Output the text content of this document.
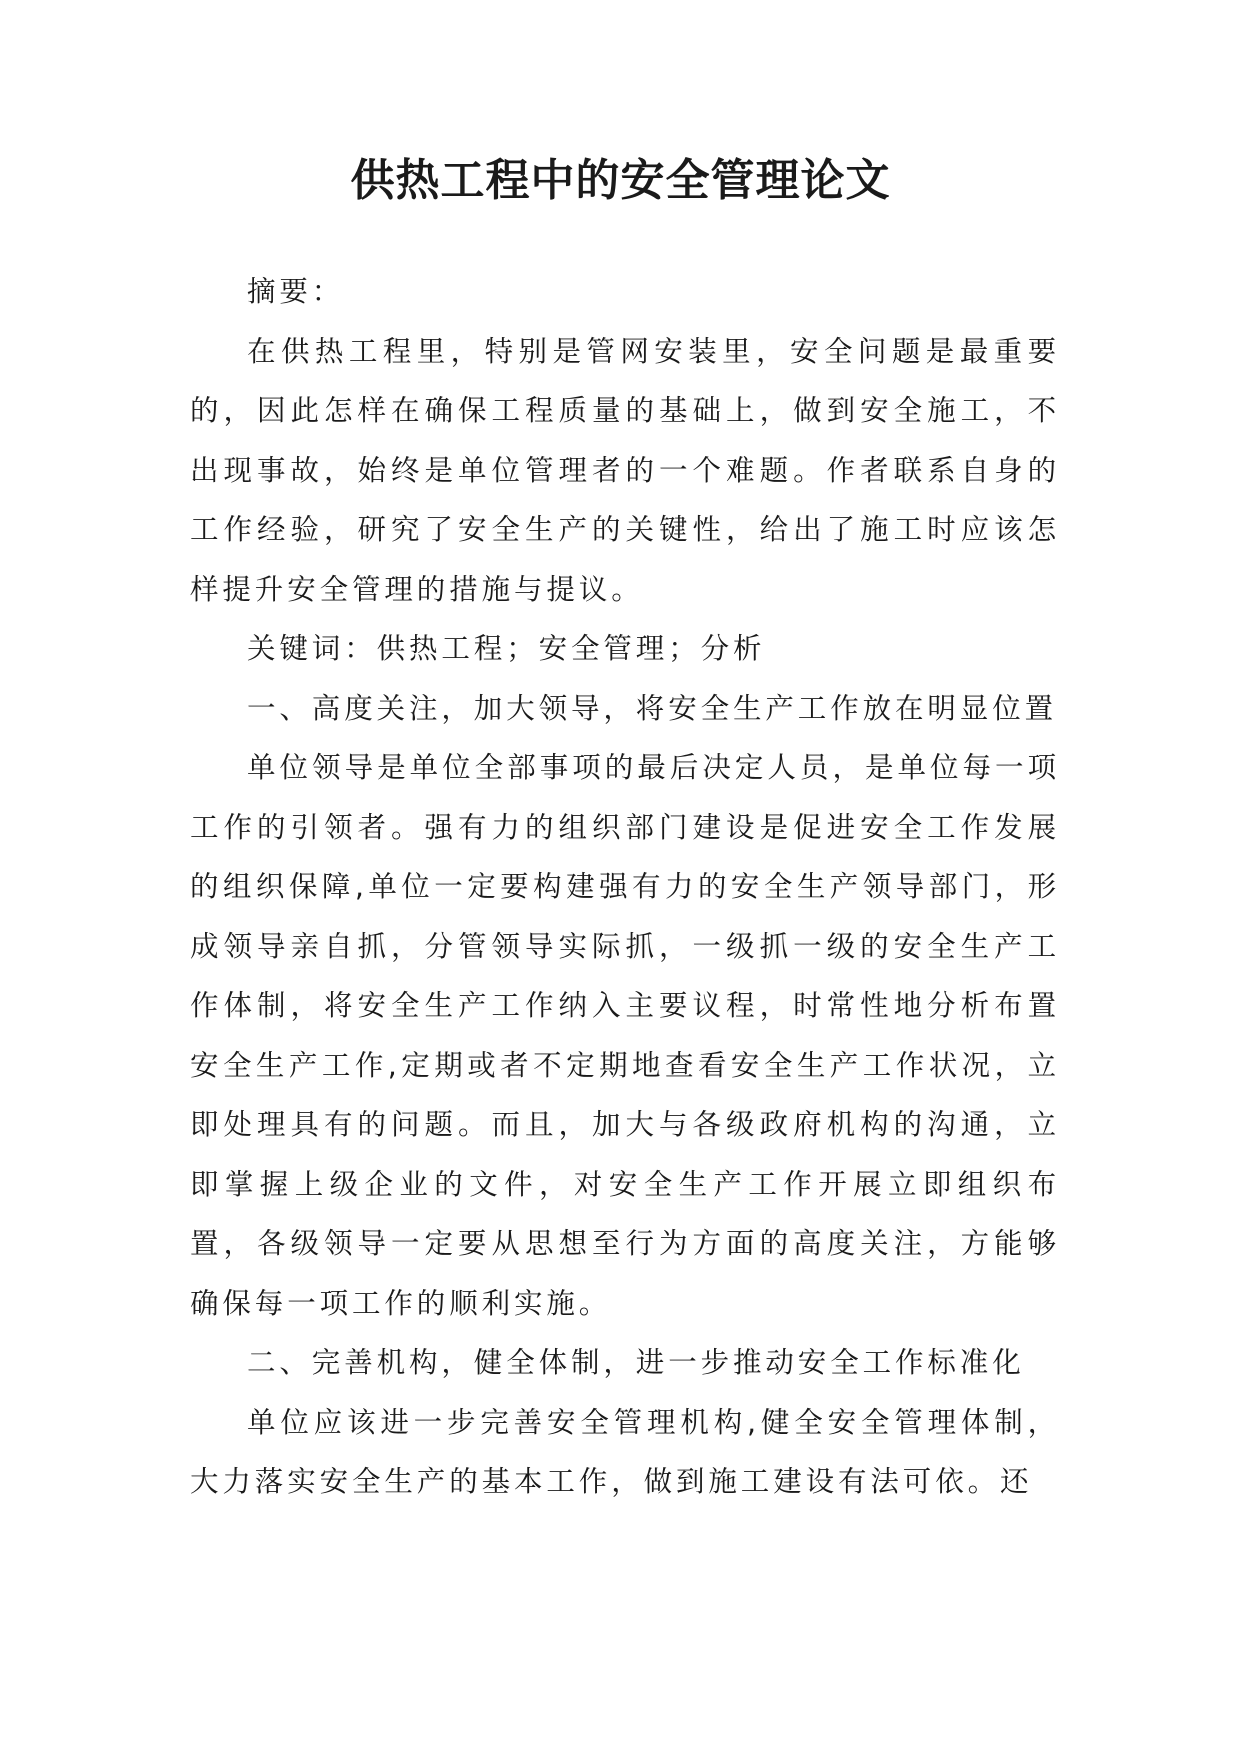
供热工程中的安全管理论文

摘要：

在供热工程里，特别是管网安装里，安全问题是最重要的，因此怎样在确保工程质量的基础上，做到安全施工，不出现事故，始终是单位管理者的一个难题。作者联系自身的工作经验，研究了安全生产的关键性，给出了施工时应该怎样提升安全管理的措施与提议。

关键词：供热工程；安全管理；分析

一、高度关注，加大领导，将安全生产工作放在明显位置

单位领导是单位全部事项的最后决定人员，是单位每一项工作的引领者。强有力的组织部门建设是促进安全工作发展的组织保障,单位一定要构建强有力的安全生产领导部门，形成领导亲自抓，分管领导实际抓，一级抓一级的安全生产工作体制，将安全生产工作纳入主要议程，时常性地分析布置安全生产工作,定期或者不定期地查看安全生产工作状况，立即处理具有的问题。而且，加大与各级政府机构的沟通，立即掌握上级企业的文件，对安全生产工作开展立即组织布置，各级领导一定要从思想至行为方面的高度关注，方能够确保每一项工作的顺利实施。

二、完善机构，健全体制，进一步推动安全工作标准化

单位应该进一步完善安全管理机构,健全安全管理体制，大力落实安全生产的基本工作，做到施工建设有法可依。还
